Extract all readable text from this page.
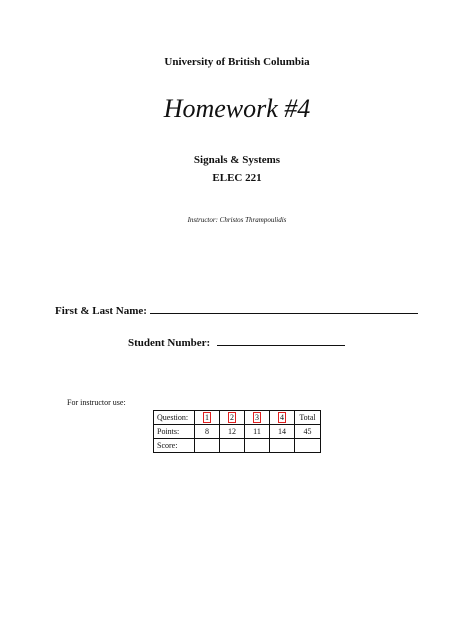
University of British Columbia
Homework #4
Signals & Systems
ELEC 221
Instructor: Christos Thrampoulidis
First & Last Name:
Student Number:
For instructor use:
Question:	1	2	3	4	Total
Points:	8	12	11	14	45
Score:					
